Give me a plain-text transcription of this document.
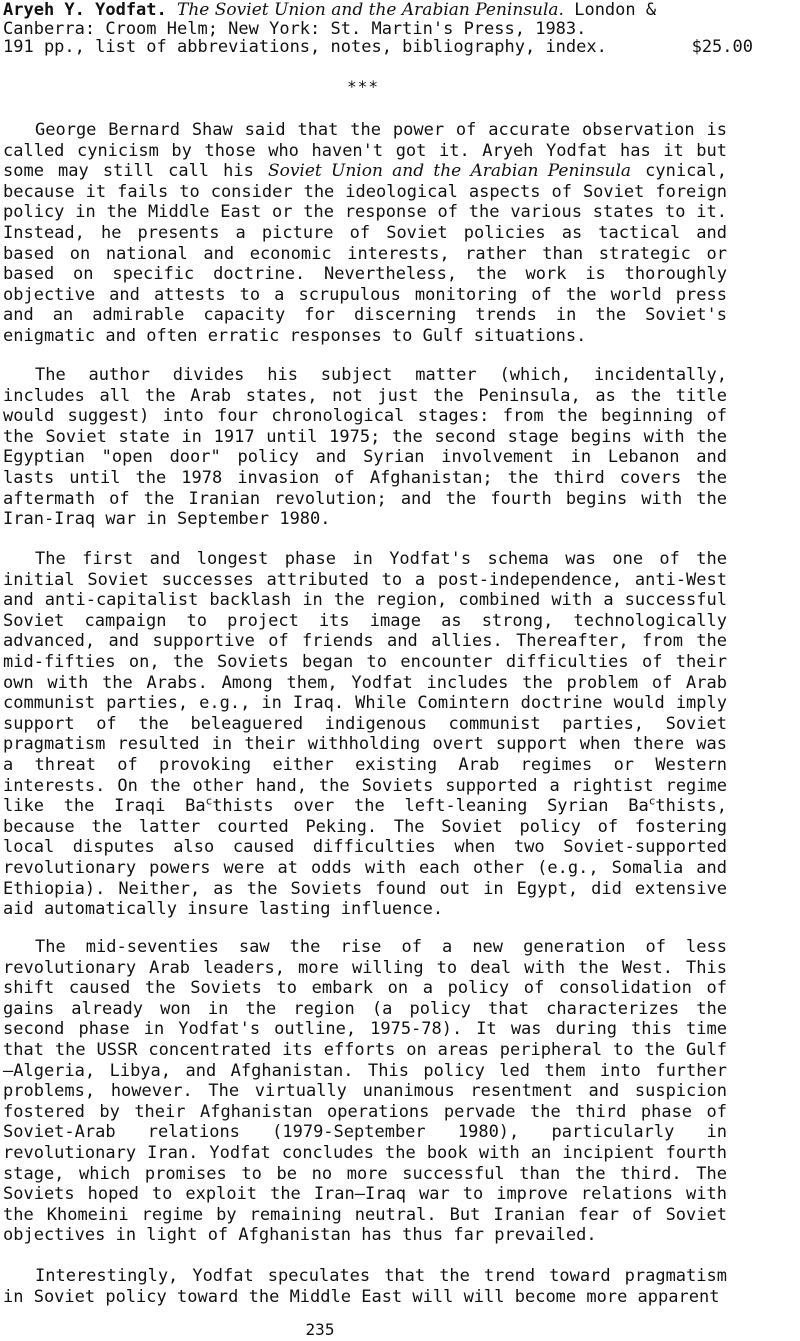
Aryeh Y. Yodfat. The Soviet Union and the Arabian Peninsula. London &
Canberra: Croom Helm; New York: St. Martin's Press, 1983.
191 pp., list of abbreviations, notes, bibliography, index.	$25.00
***

George Bernard Shaw said that the power of accurate observation is called cynicism by those who haven't got it. Aryeh Yodfat has it but some may still call his Soviet Union and the Arabian Peninsula cynical, because it fails to consider the ideological aspects of Soviet foreign policy in the Middle East or the response of the various states to it. Instead, he presents a picture of Soviet policies as tactical and based on national and economic interests, rather than strategic or based on specific doctrine. Nevertheless, the work is thoroughly objective and attests to a scrupulous monitoring of the world press and an admirable capacity for discerning trends in the Soviet's enigmatic and often erratic responses to Gulf situations.

The author divides his subject matter (which, incidentally, includes all the Arab states, not just the Peninsula, as the title would suggest) into four chronological stages: from the beginning of the Soviet state in 1917 until 1975; the second stage begins with the Egyptian "open door" policy and Syrian involvement in Lebanon and lasts until the 1978 invasion of Afghanistan; the third covers the aftermath of the Iranian revolution; and the fourth begins with the Iran-Iraq war in September 1980.

The first and longest phase in Yodfat's schema was one of the initial Soviet successes attributed to a post-independence, anti-West and anti-capitalist backlash in the region, combined with a successful Soviet campaign to project its image as strong, technologically advanced, and supportive of friends and allies. Thereafter, from the mid-fifties on, the Soviets began to encounter difficulties of their own with the Arabs. Among them, Yodfat includes the problem of Arab communist parties, e.g., in Iraq. While Comintern doctrine would imply support of the beleaguered indigenous communist parties, Soviet pragmatism resulted in their withholding overt support when there was a threat of provoking either existing Arab regimes or Western interests. On the other hand, the Soviets supported a rightist regime like the Iraqi Ba$^c$thists over the left-leaning Syrian Ba$^c$thists, because the latter courted Peking. The Soviet policy of fostering local disputes also caused difficulties when two Soviet-supported revolutionary powers were at odds with each other (e.g., Somalia and Ethiopia). Neither, as the Soviets found out in Egypt, did extensive aid automatically insure lasting influence.

The mid-seventies saw the rise of a new generation of less revolutionary Arab leaders, more willing to deal with the West. This shift caused the Soviets to embark on a policy of consolidation of gains already won in the region (a policy that characterizes the second phase in Yodfat's outline, 1975-78). It was during this time that the USSR concentrated its efforts on areas peripheral to the Gulf—Algeria, Libya, and Afghanistan. This policy led them into further problems, however. The virtually unanimous resentment and suspicion fostered by their Afghanistan operations pervade the third phase of Soviet-Arab relations (1979-September 1980), particularly in revolutionary Iran. Yodfat concludes the book with an incipient fourth stage, which promises to be no more successful than the third. The Soviets hoped to exploit the Iran—Iraq war to improve relations with the Khomeini regime by remaining neutral. But Iranian fear of Soviet objectives in light of Afghanistan has thus far prevailed.

Interestingly, Yodfat speculates that the trend toward pragmatism in Soviet policy toward the Middle East will will become more apparent

235
